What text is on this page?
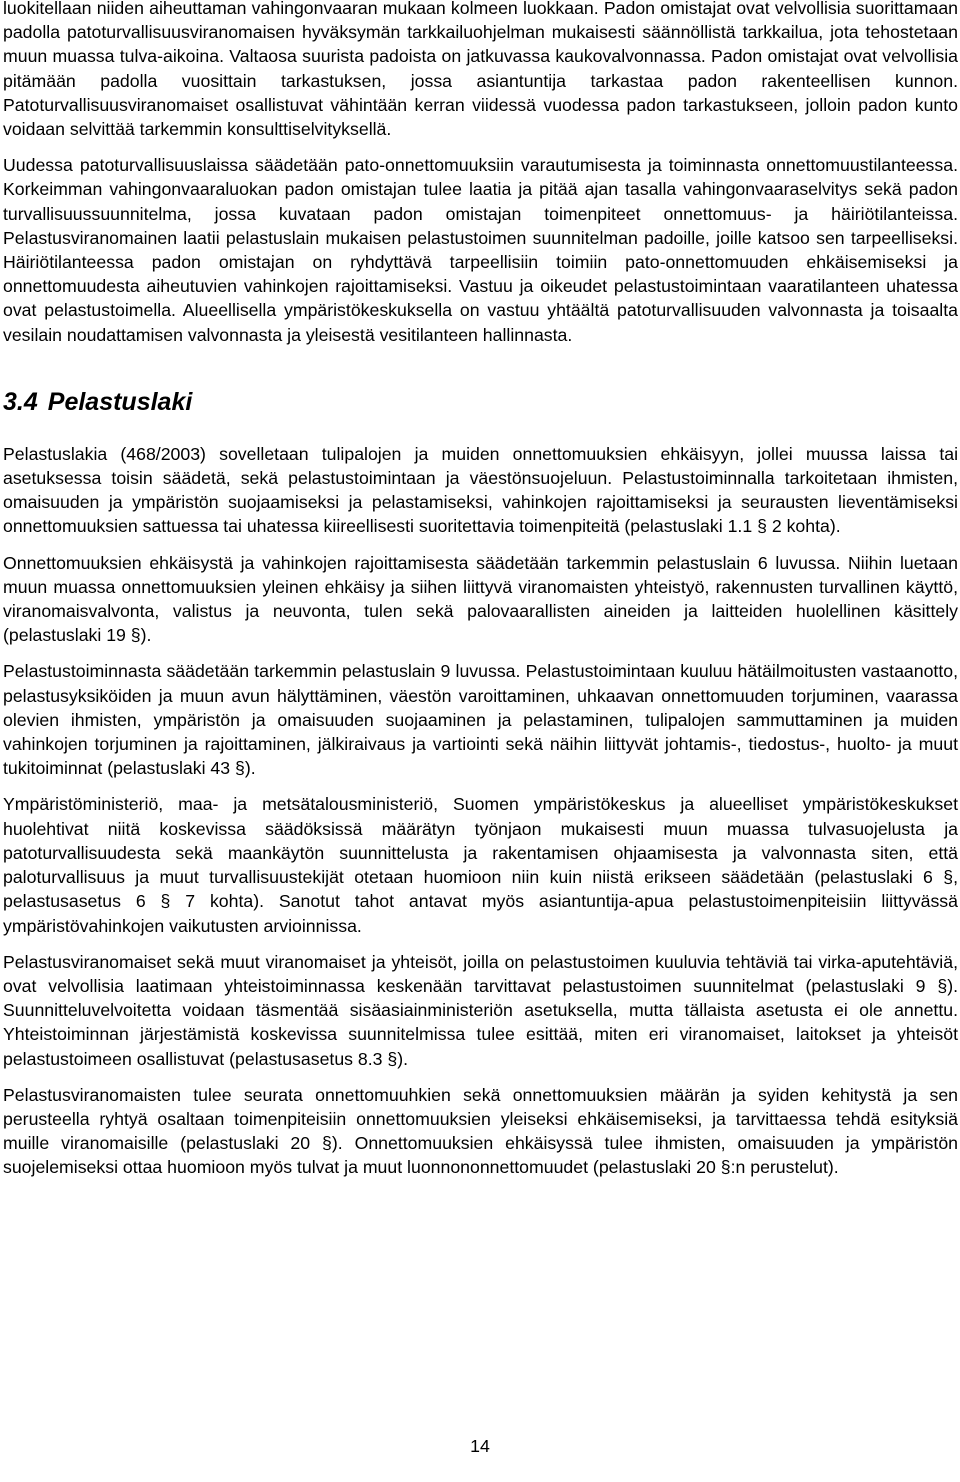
luokitellaan niiden aiheuttaman vahingonvaaran mukaan kolmeen luokkaan. Padon omistajat ovat velvollisia suorittamaan padolla patoturvallisuusviranomaisen hyväksymän tarkkailuohjelman mukaisesti säännöllistä tarkkailua, jota tehostetaan muun muassa tulva-aikoina. Valtaosa suurista padoista on jatkuvassa kaukovalvonnassa. Padon omistajat ovat velvollisia pitämään padolla vuosittain tarkastuksen, jossa asiantuntija tarkastaa padon rakenteellisen kunnon. Patoturvallisuusviranomaiset osallistuvat vähintään kerran viidessä vuodessa padon tarkastukseen, jolloin padon kunto voidaan selvittää tarkemmin konsulttiselvityksellä.

Uudessa patoturvallisuuslaissa säädetään pato-onnettomuuksiin varautumisesta ja toiminnasta onnettomuustilanteessa. Korkeimman vahingonvaaraluokan padon omistajan tulee laatia ja pitää ajan tasalla vahingonvaaraselvitys sekä padon turvallisuussuunnitelma, jossa kuvataan padon omistajan toimenpiteet onnettomuus- ja häiriötilanteissa. Pelastusviranomainen laatii pelastuslain mukaisen pelastustoimen suunnitelman padoille, joille katsoo sen tarpeelliseksi. Häiriötilanteessa padon omistajan on ryhdyttävä tarpeellisiin toimiin pato-onnettomuuden ehkäisemiseksi ja onnettomuudesta aiheutuvien vahinkojen rajoittamiseksi. Vastuu ja oikeudet pelastustoimintaan vaaratilanteen uhatessa ovat pelastustoimella. Alueellisella ympäristökeskuksella on vastuu yhtäältä patoturvallisuuden valvonnasta ja toisaalta vesilain noudattamisen valvonnasta ja yleisestä vesitilanteen hallinnasta.

3.4 Pelastuslaki

Pelastuslakia (468/2003) sovelletaan tulipalojen ja muiden onnettomuuksien ehkäisyyn, jollei muussa laissa tai asetuksessa toisin säädetä, sekä pelastustoimintaan ja väestönsuojeluun. Pelastustoiminnalla tarkoitetaan ihmisten, omaisuuden ja ympäristön suojaamiseksi ja pelastamiseksi, vahinkojen rajoittamiseksi ja seurausten lieventämiseksi onnettomuuksien sattuessa tai uhatessa kiireellisesti suoritettavia toimenpiteitä (pelastuslaki 1.1 § 2 kohta).

Onnettomuuksien ehkäisystä ja vahinkojen rajoittamisesta säädetään tarkemmin pelastuslain 6 luvussa. Niihin luetaan muun muassa onnettomuuksien yleinen ehkäisy ja siihen liittyvä viranomaisten yhteistyö, rakennusten turvallinen käyttö, viranomaisvalvonta, valistus ja neuvonta, tulen sekä palovaarallisten aineiden ja laitteiden huolellinen käsittely (pelastuslaki 19 §).

Pelastustoiminnasta säädetään tarkemmin pelastuslain 9 luvussa. Pelastustoimintaan kuuluu hätäilmoitusten vastaanotto, pelastusyksiköiden ja muun avun hälyttäminen, väestön varoittaminen, uhkaavan onnettomuuden torjuminen, vaarassa olevien ihmisten, ympäristön ja omaisuuden suojaaminen ja pelastaminen, tulipalojen sammuttaminen ja muiden vahinkojen torjuminen ja rajoittaminen, jälkiraivaus ja vartiointi sekä näihin liittyvät johtamis-, tiedostus-, huolto- ja muut tukitoiminnat (pelastuslaki 43 §).

Ympäristöministeriö, maa- ja metsätalousministeriö, Suomen ympäristökeskus ja alueelliset ympäristökeskukset huolehtivat niitä koskevissa säädöksissä määrätyn työnjaon mukaisesti muun muassa tulvasuojelusta ja patoturvallisuudesta sekä maankäytön suunnittelusta ja rakentamisen ohjaamisesta ja valvonnasta siten, että paloturvallisuus ja muut turvallisuustekijät otetaan huomioon niin kuin niistä erikseen säädetään (pelastuslaki 6 §, pelastusasetus 6 § 7 kohta). Sanotut tahot antavat myös asiantuntija-apua pelastustoimenpiteisiin liittyvässä ympäristövahinkojen vaikutusten arvioinnissa.

Pelastusviranomaiset sekä muut viranomaiset ja yhteisöt, joilla on pelastustoimen kuuluvia tehtäviä tai virka-aputehtäviä, ovat velvollisia laatimaan yhteistoiminnassa keskenään tarvittavat pelastustoimen suunnitelmat (pelastuslaki 9 §). Suunnitteluvelvoitetta voidaan täsmentää sisäasiainministeriön asetuksella, mutta tällaista asetusta ei ole annettu. Yhteistoiminnan järjestämistä koskevissa suunnitelmissa tulee esittää, miten eri viranomaiset, laitokset ja yhteisöt pelastustoimeen osallistuvat (pelastusasetus 8.3 §).

Pelastusviranomaisten tulee seurata onnettomuuhkien sekä onnettomuuksien määrän ja syiden kehitystä ja sen perusteella ryhtyä osaltaan toimenpiteisiin onnettomuuksien yleiseksi ehkäisemiseksi, ja tarvittaessa tehdä esityksiä muille viranomaisille (pelastuslaki 20 §). Onnettomuuksien ehkäisyssä tulee ihmisten, omaisuuden ja ympäristön suojelemiseksi ottaa huomioon myös tulvat ja muut luonnononnettomuudet (pelastuslaki 20 §:n perustelut).

14
